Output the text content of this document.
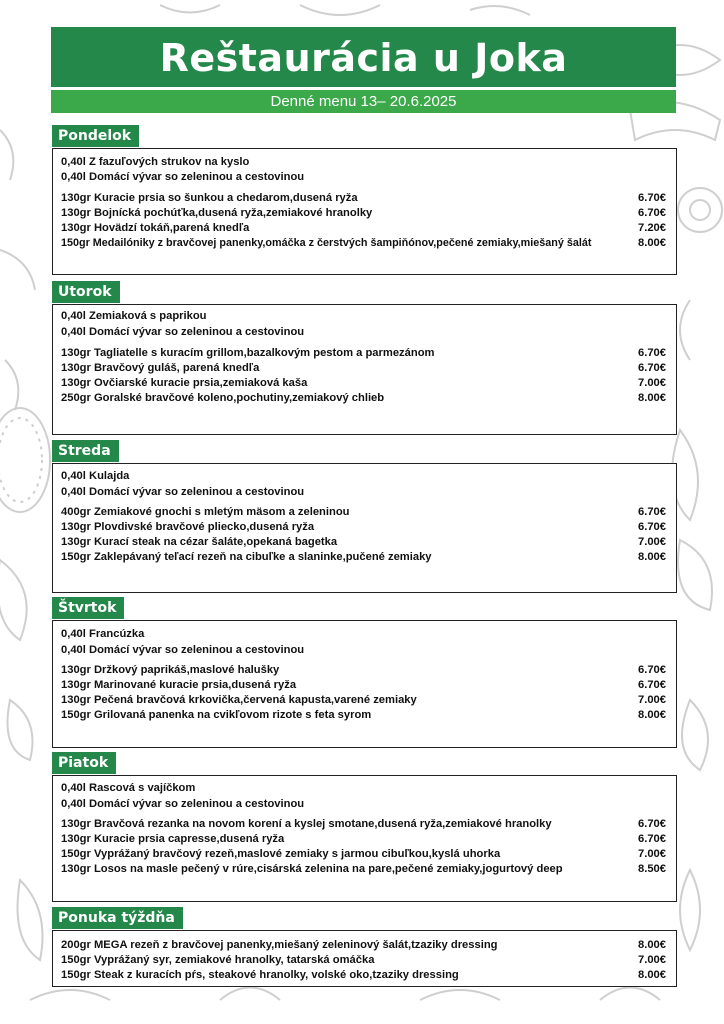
Reštaurácia u Joka
Denné menu 13– 20.6.2025
Pondelok
0,40l Z fazuľových strukov na kyslo
0,40l Domácí vývar so zeleninou a cestovinou
130gr Kuracie prsia so šunkou a chedarom,dusená ryža	6.70€
130gr Bojnícká pochúťka,dusená ryža,zemiakové hranolky	6.70€
130gr Hovädzí tokáň,parená knedľa	7.20€
150gr Medailóniky z bravčovej panenky,omáčka z čerstvých šampiňónov,pečené zemiaky,miešaný šalát	8.00€
Utorok
0,40l Zemiaková s paprikou
0,40l Domácí vývar so zeleninou a cestovinou
130gr Tagliatelle s kuracím grillom,bazalkovým pestom a parmezánom	6.70€
130gr Bravčový guláš, parená knedľa	6.70€
130gr Ovčiarské kuracie prsia,zemiaková kaša	7.00€
250gr Goralské bravčové koleno,pochutiny,zemiakový chlieb	8.00€
Streda
0,40l Kulajda
0,40l Domácí vývar so zeleninou a cestovinou
400gr Zemiakové gnochi s mletým mäsom a zeleninou	6.70€
130gr Plovdivské bravčové pliecko,dusená ryža	6.70€
130gr Kurací steak na cézar šaláte,opekaná bagetka	7.00€
150gr Zaklepávaný teľací rezeň na cibuľke a slaninke,pučené zemiaky	8.00€
Štvrtok
0,40l Francúzka
0,40l Domácí vývar so zeleninou a cestovinou
130gr Držkový paprikáš,maslové halušky	6.70€
130gr Marinované kuracie prsia,dusená ryža	6.70€
130gr Pečená bravčová krkovička,červená kapusta,varené zemiaky	7.00€
150gr Grilovaná panenka na cvikľovom rizote s feta syrom	8.00€
Piatok
0,40l Rascová s vajíčkom
0,40l Domácí vývar so zeleninou a cestovinou
130gr Bravčová rezanka na novom korení a kyslej smotane,dusená ryža,zemiakové hranolky	6.70€
130gr Kuracie prsia capresse,dusená ryža	6.70€
150gr Vyprážaný bravčový rezeň,maslové zemiaky s jarmou cibuľkou,kyslá uhorka	7.00€
130gr Losos na masle pečený v rúre,cisárská zelenina na pare,pečené zemiaky,jogurtový deep	8.50€
Ponuka týždňa
200gr MEGA rezeň z bravčovej panenky,miešaný zeleninový šalát,tzaziky dressing	8.00€
150gr Vyprážaný syr, zemiakové hranolky, tatarská omáčka	7.00€
150gr Steak z kuracích pŕs, steakové hranolky, volské oko,tzaziky dressing	8.00€
